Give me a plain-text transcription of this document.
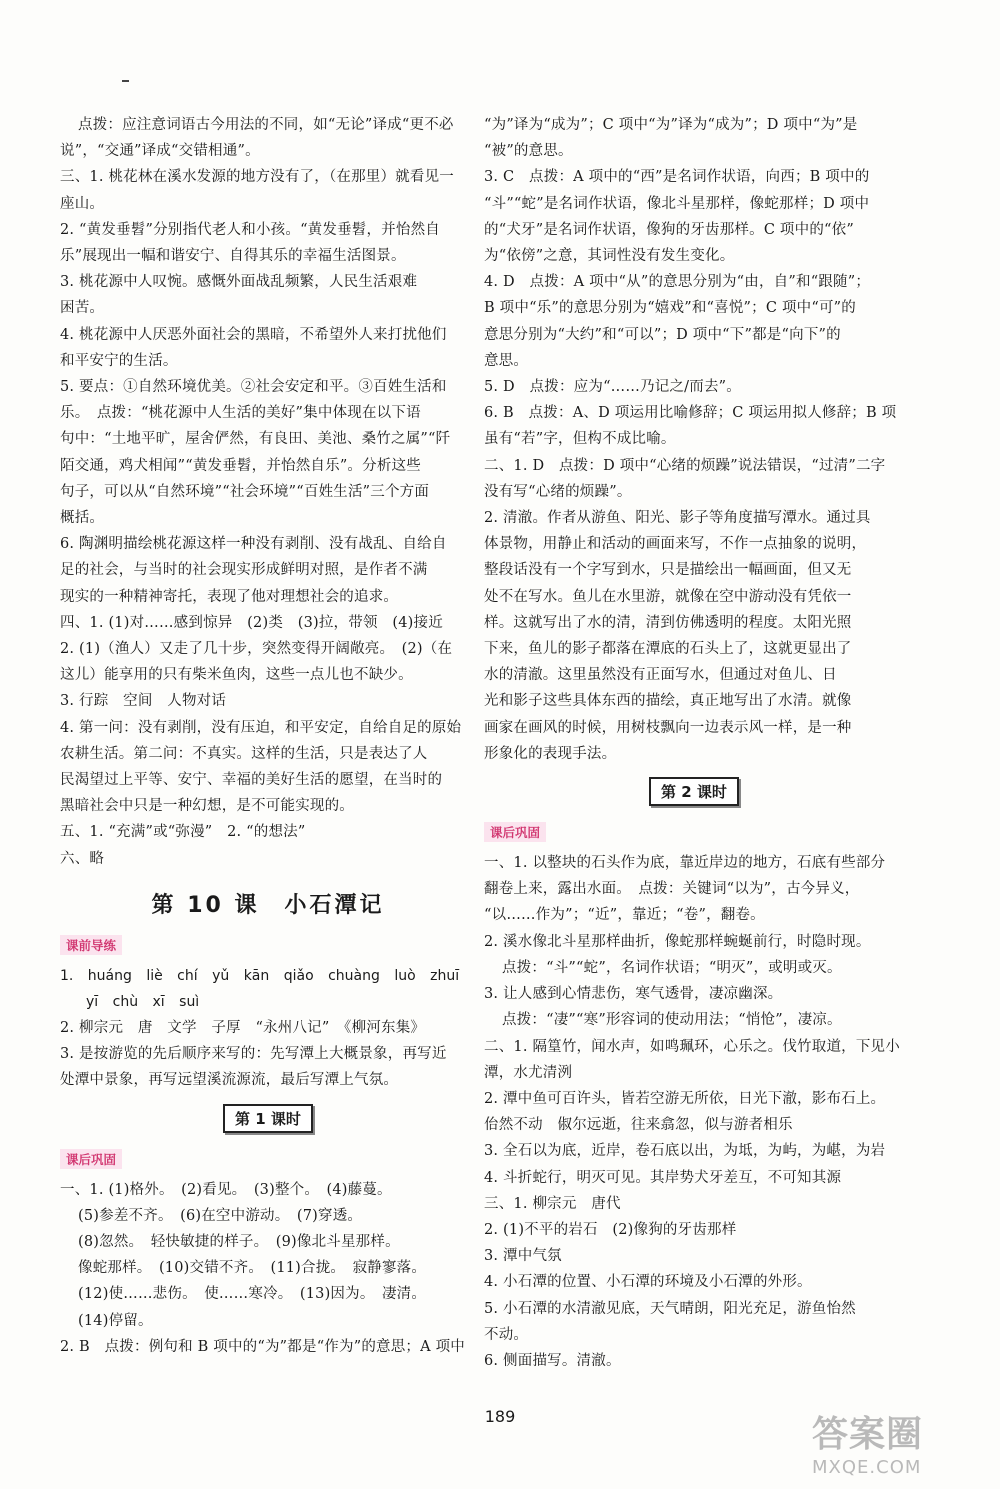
点拨：应注意词语古今用法的不同，如“无论”译成“更不必
说”，“交通”译成“交错相通”。
三、1. 桃花林在溪水发源的地方没有了，（在那里）就看见一
座山。
2. “黄发垂髫”分别指代老人和小孩。“黄发垂髫，并怡然自
乐”展现出一幅和谐安宁、自得其乐的幸福生活图景。
3. 桃花源中人叹惋。感慨外面战乱频繁，人民生活艰难
困苦。
4. 桃花源中人厌恶外面社会的黑暗，不希望外人来打扰他们
和平安宁的生活。
5. 要点：①自然环境优美。②社会安定和平。③百姓生活和
乐。　点拨：“桃花源中人生活的美好”集中体现在以下语
句中：“土地平旷，屋舍俨然，有良田、美池、桑竹之属”“阡
陌交通，鸡犬相闻”“黄发垂髫，并怡然自乐”。分析这些
句子，可以从“自然环境”“社会环境”“百姓生活”三个方面
概括。
6. 陶渊明描绘桃花源这样一种没有剥削、没有战乱、自给自
足的社会，与当时的社会现实形成鲜明对照，是作者不满
现实的一种精神寄托，表现了他对理想社会的追求。
四、1. (1)对……感到惊异　(2)类　(3)拉，带领　(4)接近
2. (1)（渔人）又走了几十步，突然变得开阔敞亮。　(2)（在
这儿）能享用的只有柴米鱼肉，这些一点儿也不缺少。
3. 行踪　空间　人物对话
4. 第一问：没有剥削，没有压迫，和平安定，自给自足的原始
农耕生活。第二问：不真实。这样的生活，只是表达了人
民渴望过上平等、安宁、幸福的美好生活的愿望，在当时的
黑暗社会中只是一种幻想，是不可能实现的。
五、1. “充满”或“弥漫”　2. “的想法”
六、略
第 10 课　小石潭记
课前导练
1. huáng liè chí yǔ kān qiǎo chuàng luò zhuī
yī chù xī suì
2. 柳宗元　唐　文学　子厚　“永州八记”　《柳河东集》
3. 是按游览的先后顺序来写的：先写潭上大概景象，再写近
处潭中景象，再写远望溪流源流，最后写潭上气氛。
第 1 课时
课后巩固
一、1. (1)格外。　(2)看见。　(3)整个。　(4)藤蔓。
(5)参差不齐。　(6)在空中游动。　(7)穿透。
(8)忽然。　轻快敏捷的样子。　(9)像北斗星那样。
像蛇那样。　(10)交错不齐。　(11)合拢。　寂静寥落。
(12)使……悲伤。　使……寒冷。　(13)因为。　凄清。
(14)停留。
2. B　点拨：例句和 B 项中的“为”都是“作为”的意思；A 项中
“为”译为“成为”；C 项中“为”译为“成为”；D 项中“为”是
“被”的意思。
3. C　点拨：A 项中的“西”是名词作状语，向西；B 项中的
“斗”“蛇”是名词作状语，像北斗星那样，像蛇那样；D 项中
的“犬牙”是名词作状语，像狗的牙齿那样。C 项中的“依”
为“依傍”之意，其词性没有发生变化。
4. D　点拨：A 项中“从”的意思分别为“由，自”和“跟随”；
B 项中“乐”的意思分别为“嬉戏”和“喜悦”；C 项中“可”的
意思分别为“大约”和“可以”；D 项中“下”都是“向下”的
意思。
5. D　点拨：应为“……乃记之/而去”。
6. B　点拨：A、D 项运用比喻修辞；C 项运用拟人修辞；B 项
虽有“若”字，但构不成比喻。
二、1. D　点拨：D 项中“心绪的烦躁”说法错误，“过清”二字
没有写“心绪的烦躁”。
2. 清澈。作者从游鱼、阳光、影子等角度描写潭水。通过具
体景物，用静止和活动的画面来写，不作一点抽象的说明，
整段话没有一个字写到水，只是描绘出一幅画面，但又无
处不在写水。鱼儿在水里游，就像在空中游动没有凭依一
样。这就写出了水的清，清到仿佛透明的程度。太阳光照
下来，鱼儿的影子都落在潭底的石头上了，这就更显出了
水的清澈。这里虽然没有正面写水，但通过对鱼儿、日
光和影子这些具体东西的描绘，真正地写出了水清。就像
画家在画风的时候，用树枝飘向一边表示风一样，是一种
形象化的表现手法。
第 2 课时
课后巩固
一、1. 以整块的石头作为底，靠近岸边的地方，石底有些部分
翻卷上来，露出水面。　点拨：关键词“以为”，古今异义，
“以……作为”；“近”，靠近；“卷”，翻卷。
2. 溪水像北斗星那样曲折，像蛇那样蜿蜒前行，时隐时现。
点拨：“斗”“蛇”，名词作状语；“明灭”，或明或灭。
3. 让人感到心情悲伤，寒气透骨，凄凉幽深。
点拨：“凄”“寒”形容词的使动用法；“悄怆”，凄凉。
二、1. 隔篁竹，闻水声，如鸣珮环，心乐之。伐竹取道，下见小
潭，水尤清洌
2. 潭中鱼可百许头，皆若空游无所依，日光下澈，影布石上。
佁然不动　俶尔远逝，往来翕忽，似与游者相乐
3. 全石以为底，近岸，卷石底以出，为坻，为屿，为嵁，为岩
4. 斗折蛇行，明灭可见。其岸势犬牙差互，不可知其源
三、1. 柳宗元　唐代
2. (1)不平的岩石　(2)像狗的牙齿那样
3. 潭中气氛
4. 小石潭的位置、小石潭的环境及小石潭的外形。
5. 小石潭的水清澈见底，天气晴朗，阳光充足，游鱼怡然
不动。
6. 侧面描写。清澈。
189	答案圈
MXQE.COM
